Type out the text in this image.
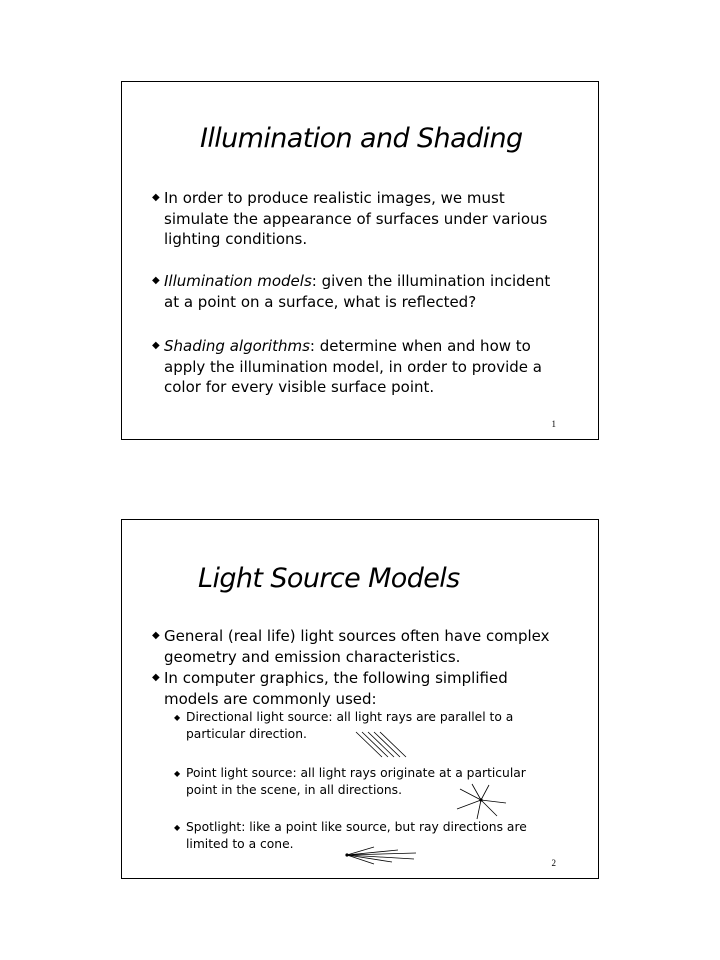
Illumination and Shading
◆ In order to produce realistic images, we must simulate the appearance of surfaces under various lighting conditions.
◆ Illumination models: given the illumination incident at a point on a surface, what is reflected?
◆ Shading algorithms: determine when and how to apply the illumination model, in order to provide a color for every visible surface point.
1
Light Source Models
◆ General (real life) light sources often have complex geometry and emission characteristics.
◆ In computer graphics, the following simplified models are commonly used:
◆ Directional light source: all light rays are parallel to a particular direction.
◆ Point light source: all light rays originate at a particular point in the scene, in all directions.
◆ Spotlight: like a point like source, but ray directions are limited to a cone.
2
